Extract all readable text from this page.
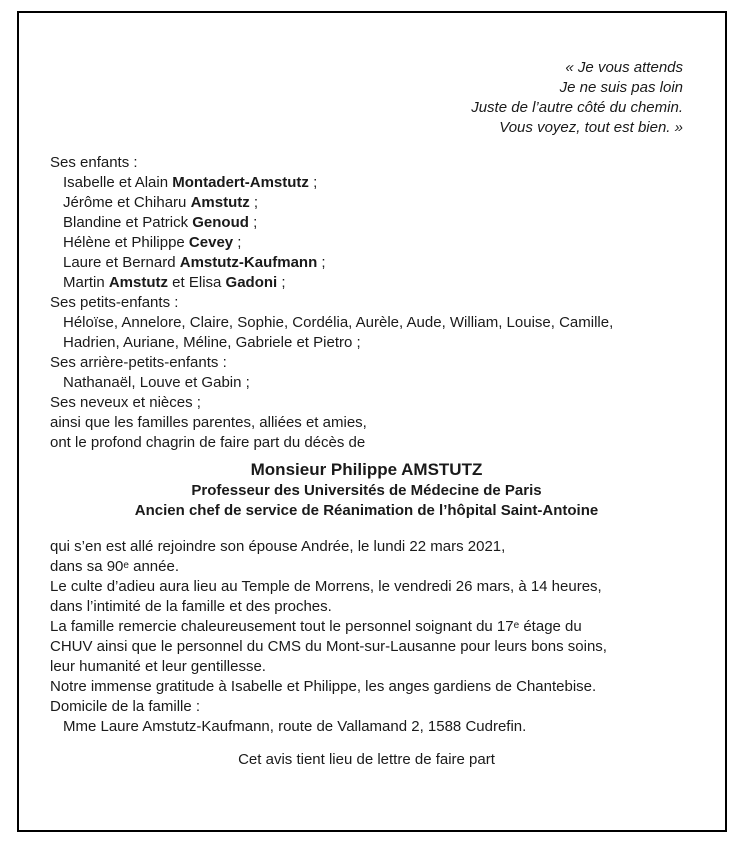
« Je vous attends
Je ne suis pas loin
Juste de l’autre côté du chemin.
Vous voyez, tout est bien. »
Ses enfants :
Isabelle et Alain Montadert-Amstutz ;
Jérôme et Chiharu Amstutz ;
Blandine et Patrick Genoud ;
Hélène et Philippe Cevey ;
Laure et Bernard Amstutz-Kaufmann ;
Martin Amstutz et Elisa Gadoni ;
Ses petits-enfants :
Héloïse, Annelore, Claire, Sophie, Cordélia, Aurèle, Aude, William, Louise, Camille,
Hadrien, Auriane, Méline, Gabriele et Pietro ;
Ses arrière-petits-enfants :
Nathanaël, Louve et Gabin ;
Ses neveux et nièces ;
ainsi que les familles parentes, alliées et amies,
ont le profond chagrin de faire part du décès de
Monsieur Philippe AMSTUTZ
Professeur des Universités de Médecine de Paris
Ancien chef de service de Réanimation de l’hôpital Saint-Antoine
qui s’en est allé rejoindre son épouse Andrée, le lundi 22 mars 2021,
dans sa 90e année.
Le culte d’adieu aura lieu au Temple de Morrens, le vendredi 26 mars, à 14 heures,
dans l’intimité de la famille et des proches.
La famille remercie chaleureusement tout le personnel soignant du 17e étage du
CHUV ainsi que le personnel du CMS du Mont-sur-Lausanne pour leurs bons soins,
leur humanité et leur gentillesse.
Notre immense gratitude à Isabelle et Philippe, les anges gardiens de Chantebise.
Domicile de la famille :
Mme Laure Amstutz-Kaufmann, route de Vallamand 2, 1588 Cudrefin.
Cet avis tient lieu de lettre de faire part
